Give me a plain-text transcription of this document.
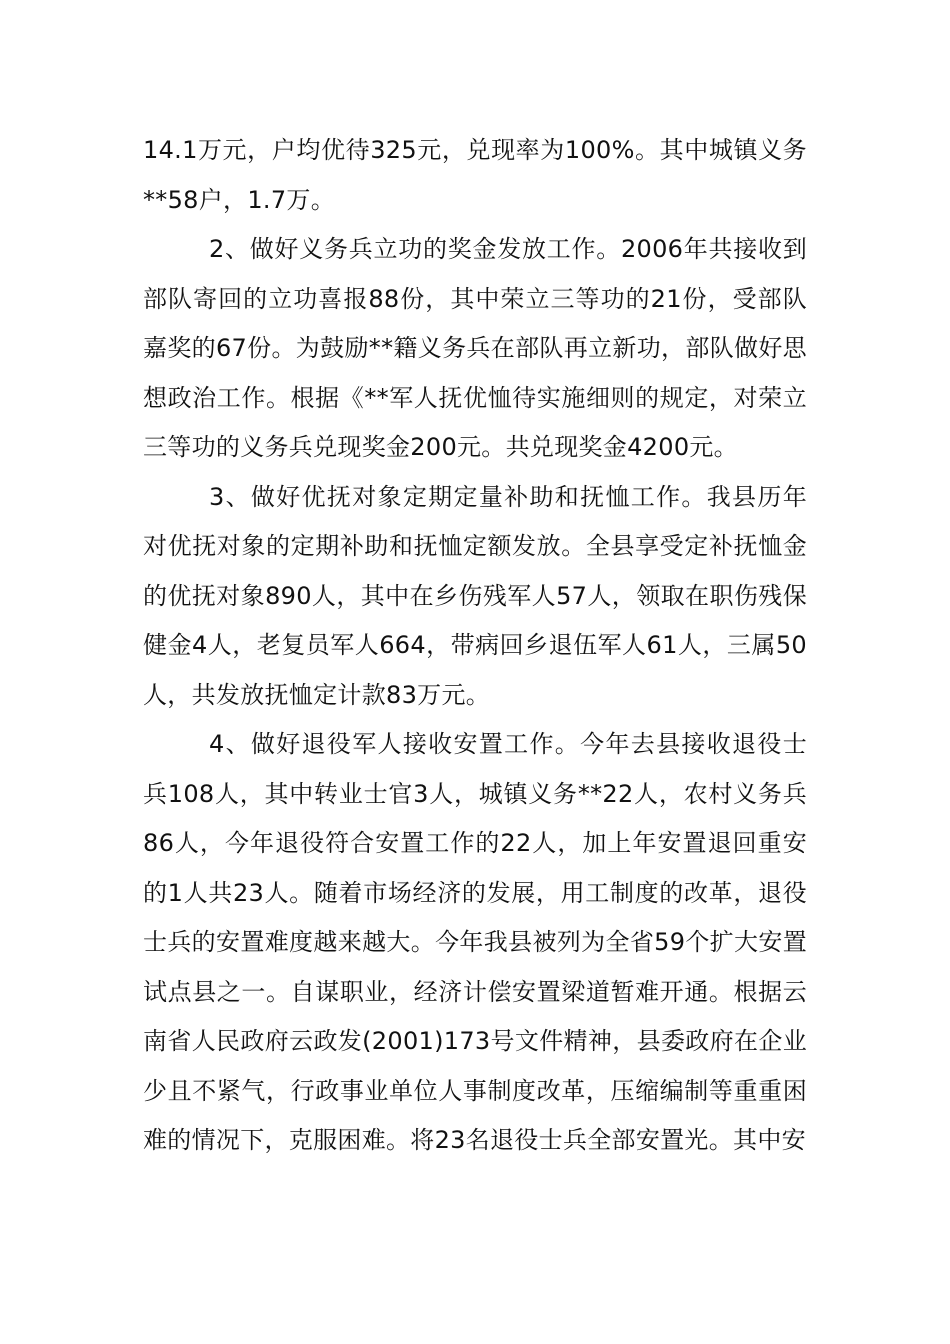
14.1万元，户均优待325元，兑现率为100%。其中城镇义务**58户，1.7万。

2、做好义务兵立功的奖金发放工作。2006年共接收到部队寄回的立功喜报88份，其中荣立三等功的21份，受部队嘉奖的67份。为鼓励**籍义务兵在部队再立新功，部队做好思想政治工作。根据《**军人抚优恤待实施细则的规定，对荣立三等功的义务兵兑现奖金200元。共兑现奖金4200元。

3、做好优抚对象定期定量补助和抚恤工作。我县历年对优抚对象的定期补助和抚恤定额发放。全县享受定补抚恤金的优抚对象890人，其中在乡伤残军人57人，领取在职伤残保健金4人，老复员军人664，带病回乡退伍军人61人，三属50人，共发放抚恤定计款83万元。

4、做好退役军人接收安置工作。今年去县接收退役士兵108人，其中转业士官3人，城镇义务**22人，农村义务兵86人，今年退役符合安置工作的22人，加上年安置退回重安的1人共23人。随着市场经济的发展，用工制度的改革，退役士兵的安置难度越来越大。今年我县被列为全省59个扩大安置试点县之一。自谋职业，经济计偿安置梁道暂难开通。根据云南省人民政府云政发(2001)173号文件精神，县委政府在企业少且不紧气，行政事业单位人事制度改革，压缩编制等重重困难的情况下，克服困难。将23名退役士兵全部安置光。其中安
